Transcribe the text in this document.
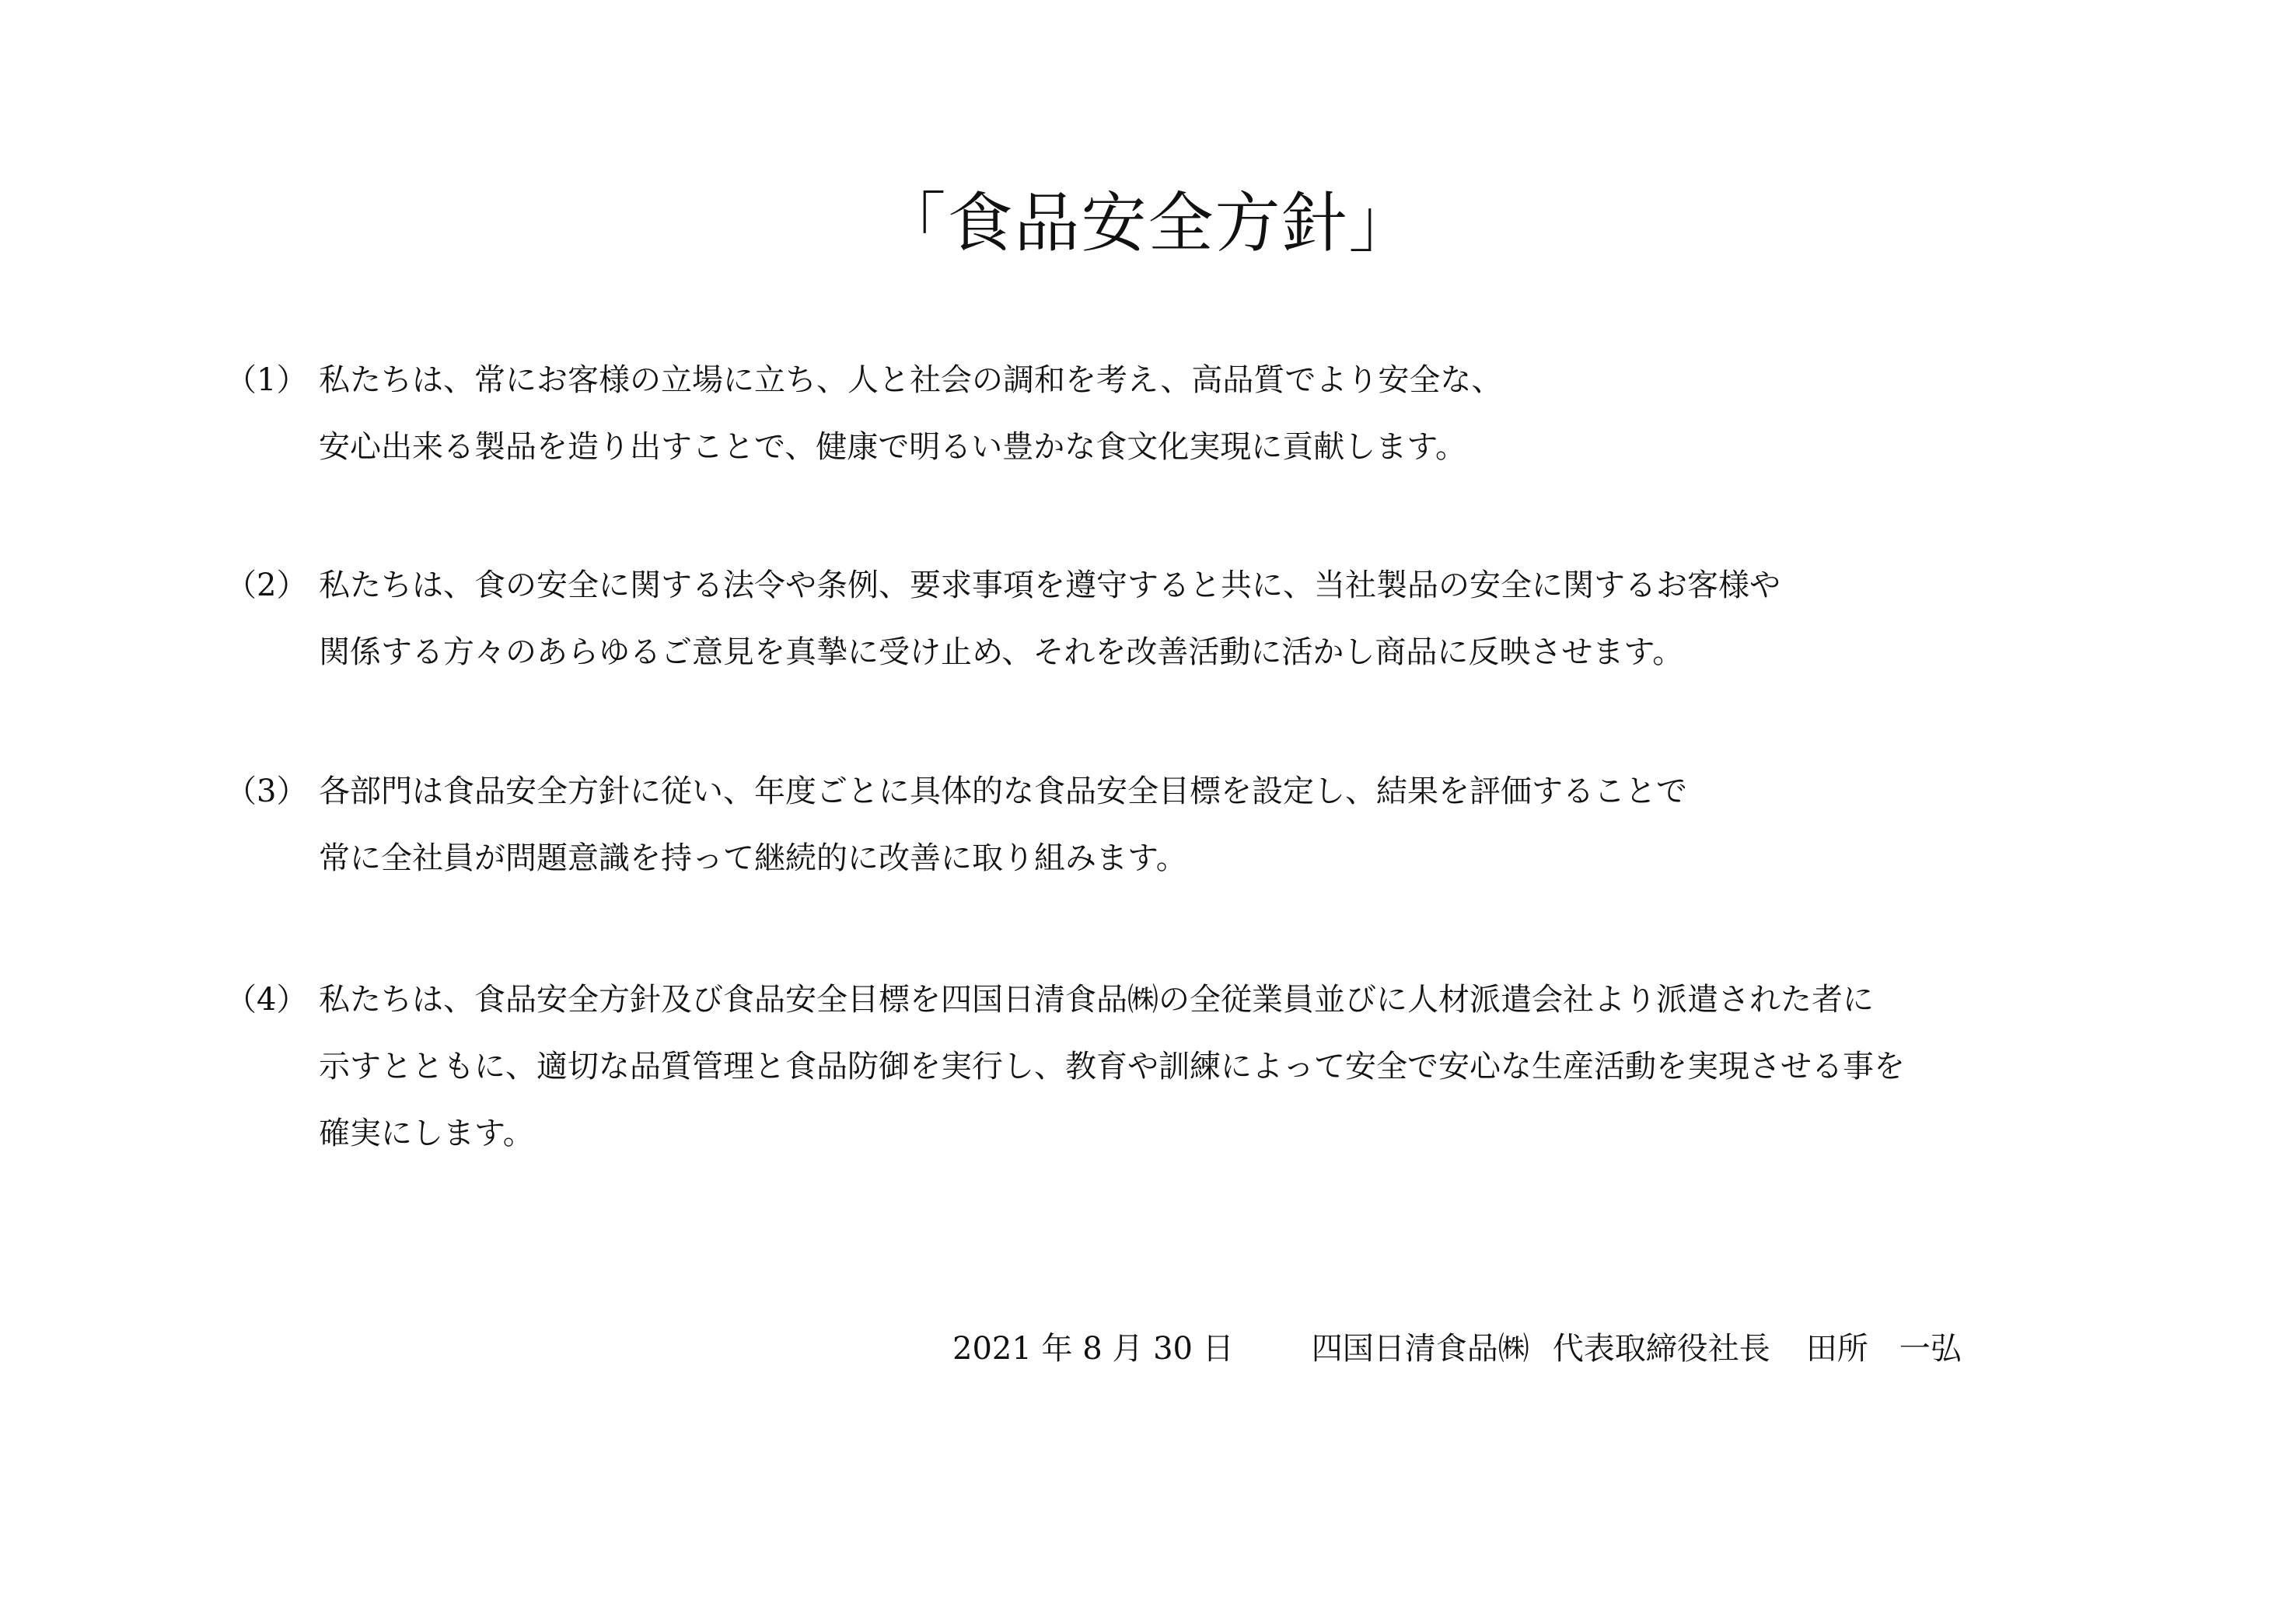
「食品安全方針」
（1） 私たちは、常にお客様の立場に立ち、人と社会の調和を考え、高品質でより安全な、
安心出来る製品を造り出すことで、健康で明るい豊かな食文化実現に貢献します。
（2） 私たちは、食の安全に関する法令や条例、要求事項を遵守すると共に、当社製品の安全に関するお客様や
関係する方々のあらゆるご意見を真摯に受け止め、それを改善活動に活かし商品に反映させます。
（3） 各部門は食品安全方針に従い、年度ごとに具体的な食品安全目標を設定し、結果を評価することで
常に全社員が問題意識を持って継続的に改善に取り組みます。
（4） 私たちは、食品安全方針及び食品安全目標を四国日清食品㈱の全従業員並びに人材派遣会社より派遣された者に
示すとともに、適切な品質管理と食品防御を実行し、教育や訓練によって安全で安心な生産活動を実現させる事を
確実にします。
2021 年 8 月 30 日	四国日清食品㈱ 代表取締役社長 田所　一弘
